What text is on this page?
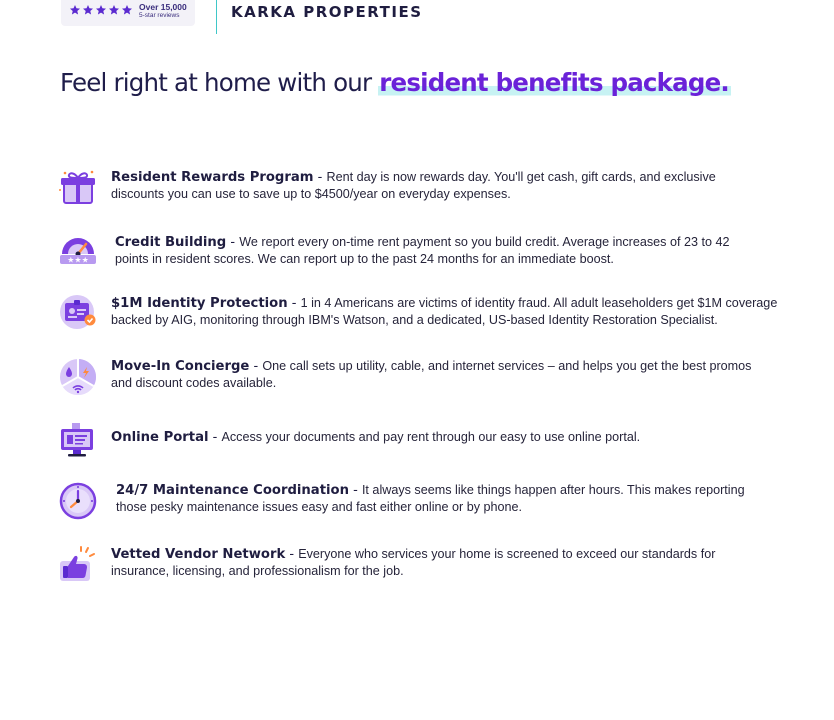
Over 15,000
5-star reviews	KARKA PROPERTIES
Feel right at home with our resident benefits package.
Resident Rewards Program - Rent day is now rewards day. You'll get cash, gift cards, and exclusive discounts you can use to save up to $4500/year on everyday expenses.
★★★
Credit Building - We report every on-time rent payment so you build credit. Average increases of 23 to 42 points in resident scores. We can report up to the past 24 months for an immediate boost.
$1M Identity Protection - 1 in 4 Americans are victims of identity fraud. All adult leaseholders get $1M coverage backed by AIG, monitoring through IBM's Watson, and a dedicated, US-based Identity Restoration Specialist.
Move-In Concierge - One call sets up utility, cable, and internet services – and helps you get the best promos and discount codes available.
Online Portal - Access your documents and pay rent through our easy to use online portal.
24/7 Maintenance Coordination - It always seems like things happen after hours. This makes reporting those pesky maintenance issues easy and fast either online or by phone.
Vetted Vendor Network - Everyone who services your home is screened to exceed our standards for insurance, licensing, and professionalism for the job.
